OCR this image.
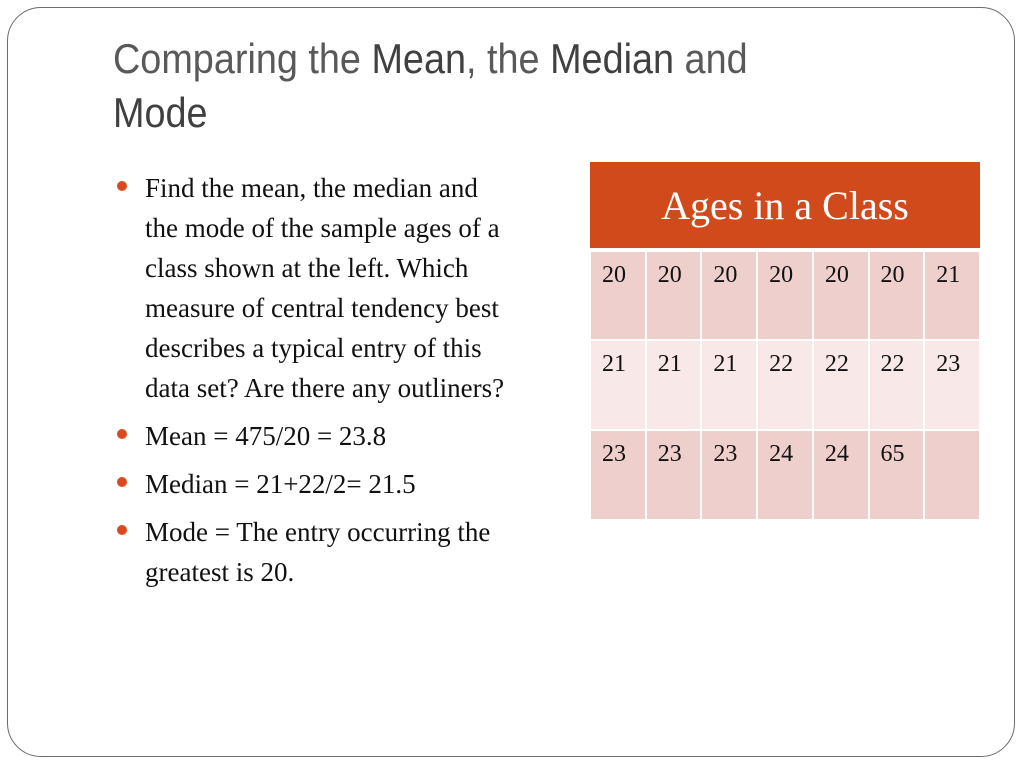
Comparing the Mean, the Median and
Mode
Find the mean, the median and the mode of the sample ages of a class shown at the left. Which measure of central tendency best describes a typical entry of this data set? Are there any outliners?
Mean = 475/20 = 23.8
Median = 21+22/2= 21.5
Mode = The entry occurring the greatest is 20.
Ages in a Class						
20	20	20	20	20	20	21
21	21	21	22	22	22	23
23	23	23	24	24	65	
